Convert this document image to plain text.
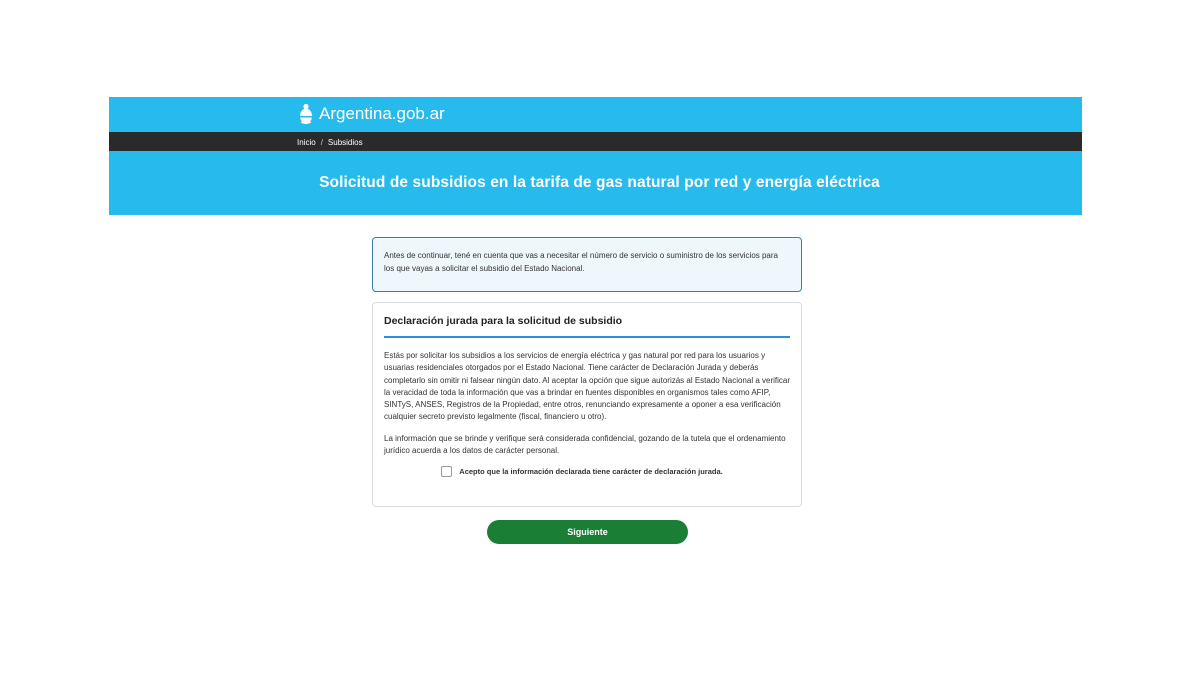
Argentina.gob.ar
Inicio / Subsidios
Solicitud de subsidios en la tarifa de gas natural por red y energía eléctrica
Antes de continuar, tené en cuenta que vas a necesitar el número de servicio o suministro de los servicios para los que vayas a solicitar el subsidio del Estado Nacional.
Declaración jurada para la solicitud de subsidio

Estás por solicitar los subsidios a los servicios de energía eléctrica y gas natural por red para los usuarios y usuarias residenciales otorgados por el Estado Nacional. Tiene carácter de Declaración Jurada y deberás completarlo sin omitir ni falsear ningún dato. Al aceptar la opción que sigue autorizás al Estado Nacional a verificar la veracidad de toda la información que vas a brindar en fuentes disponibles en organismos tales como AFIP, SINTyS, ANSES, Registros de la Propiedad, entre otros, renunciando expresamente a oponer a esa verificación cualquier secreto previsto legalmente (fiscal, financiero u otro).

La información que se brinde y verifique será considerada confidencial, gozando de la tutela que el ordenamiento jurídico acuerda a los datos de carácter personal.

Acepto que la información declarada tiene carácter de declaración jurada.
Siguiente
